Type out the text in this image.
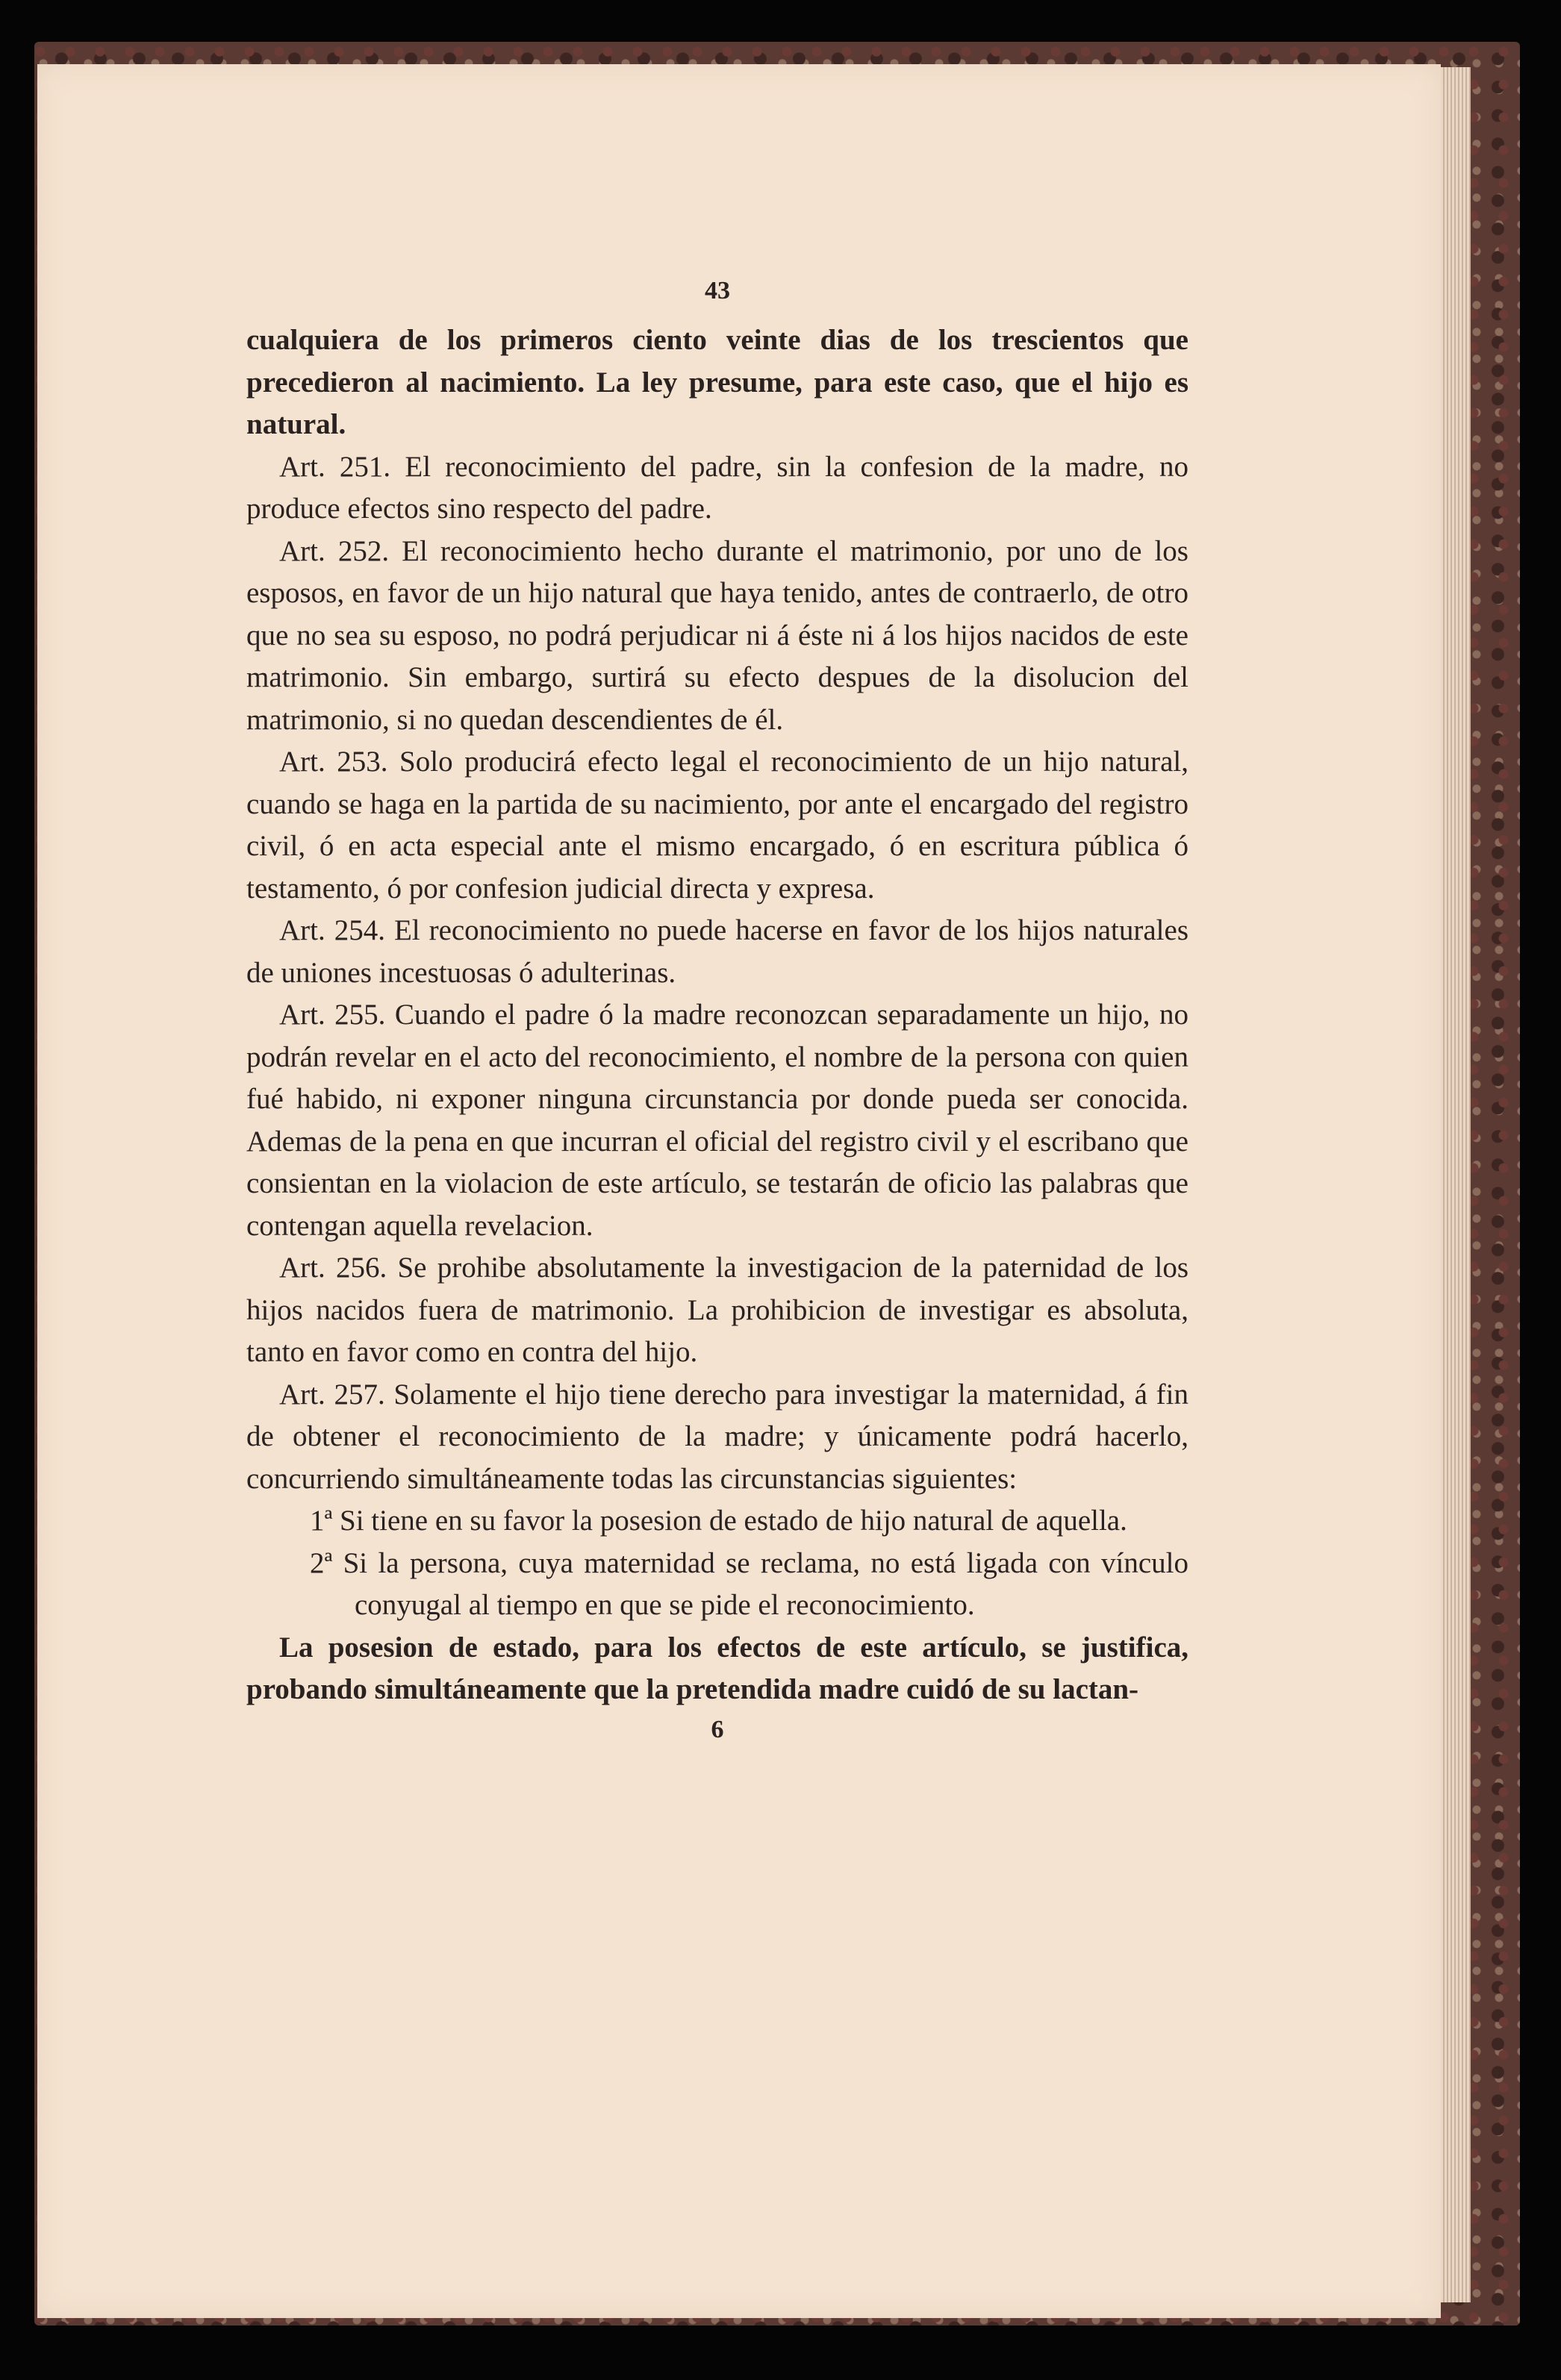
43

cualquiera de los primeros ciento veinte dias de los trescientos que precedieron al nacimiento. La ley presume, para este caso, que el hijo es natural.

Art. 251. El reconocimiento del padre, sin la confesion de la madre, no produce efectos sino respecto del padre.

Art. 252. El reconocimiento hecho durante el matrimonio, por uno de los esposos, en favor de un hijo natural que haya tenido, antes de contraerlo, de otro que no sea su esposo, no podrá perjudicar ni á éste ni á los hijos nacidos de este matrimonio. Sin embargo, surtirá su efecto despues de la disolucion del matrimonio, si no quedan descendientes de él.

Art. 253. Solo producirá efecto legal el reconocimiento de un hijo natural, cuando se haga en la partida de su nacimiento, por ante el encargado del registro civil, ó en acta especial ante el mismo encargado, ó en escritura pública ó testamento, ó por confesion judicial directa y expresa.

Art. 254. El reconocimiento no puede hacerse en favor de los hijos naturales de uniones incestuosas ó adulterinas.

Art. 255. Cuando el padre ó la madre reconozcan separadamente un hijo, no podrán revelar en el acto del reconocimiento, el nombre de la persona con quien fué habido, ni exponer ninguna circunstancia por donde pueda ser conocida. Ademas de la pena en que incurran el oficial del registro civil y el escribano que consientan en la violacion de este artículo, se testarán de oficio las palabras que contengan aquella revelacion.

Art. 256. Se prohibe absolutamente la investigacion de la paternidad de los hijos nacidos fuera de matrimonio. La prohibicion de investigar es absoluta, tanto en favor como en contra del hijo.

Art. 257. Solamente el hijo tiene derecho para investigar la maternidad, á fin de obtener el reconocimiento de la madre; y únicamente podrá hacerlo, concurriendo simultáneamente todas las circunstancias siguientes:

1ª Si tiene en su favor la posesion de estado de hijo natural de aquella.

2ª Si la persona, cuya maternidad se reclama, no está ligada con vínculo conyugal al tiempo en que se pide el reconocimiento.

La posesion de estado, para los efectos de este artículo, se justifica, probando simultáneamente que la pretendida madre cuidó de su lactan-

6
